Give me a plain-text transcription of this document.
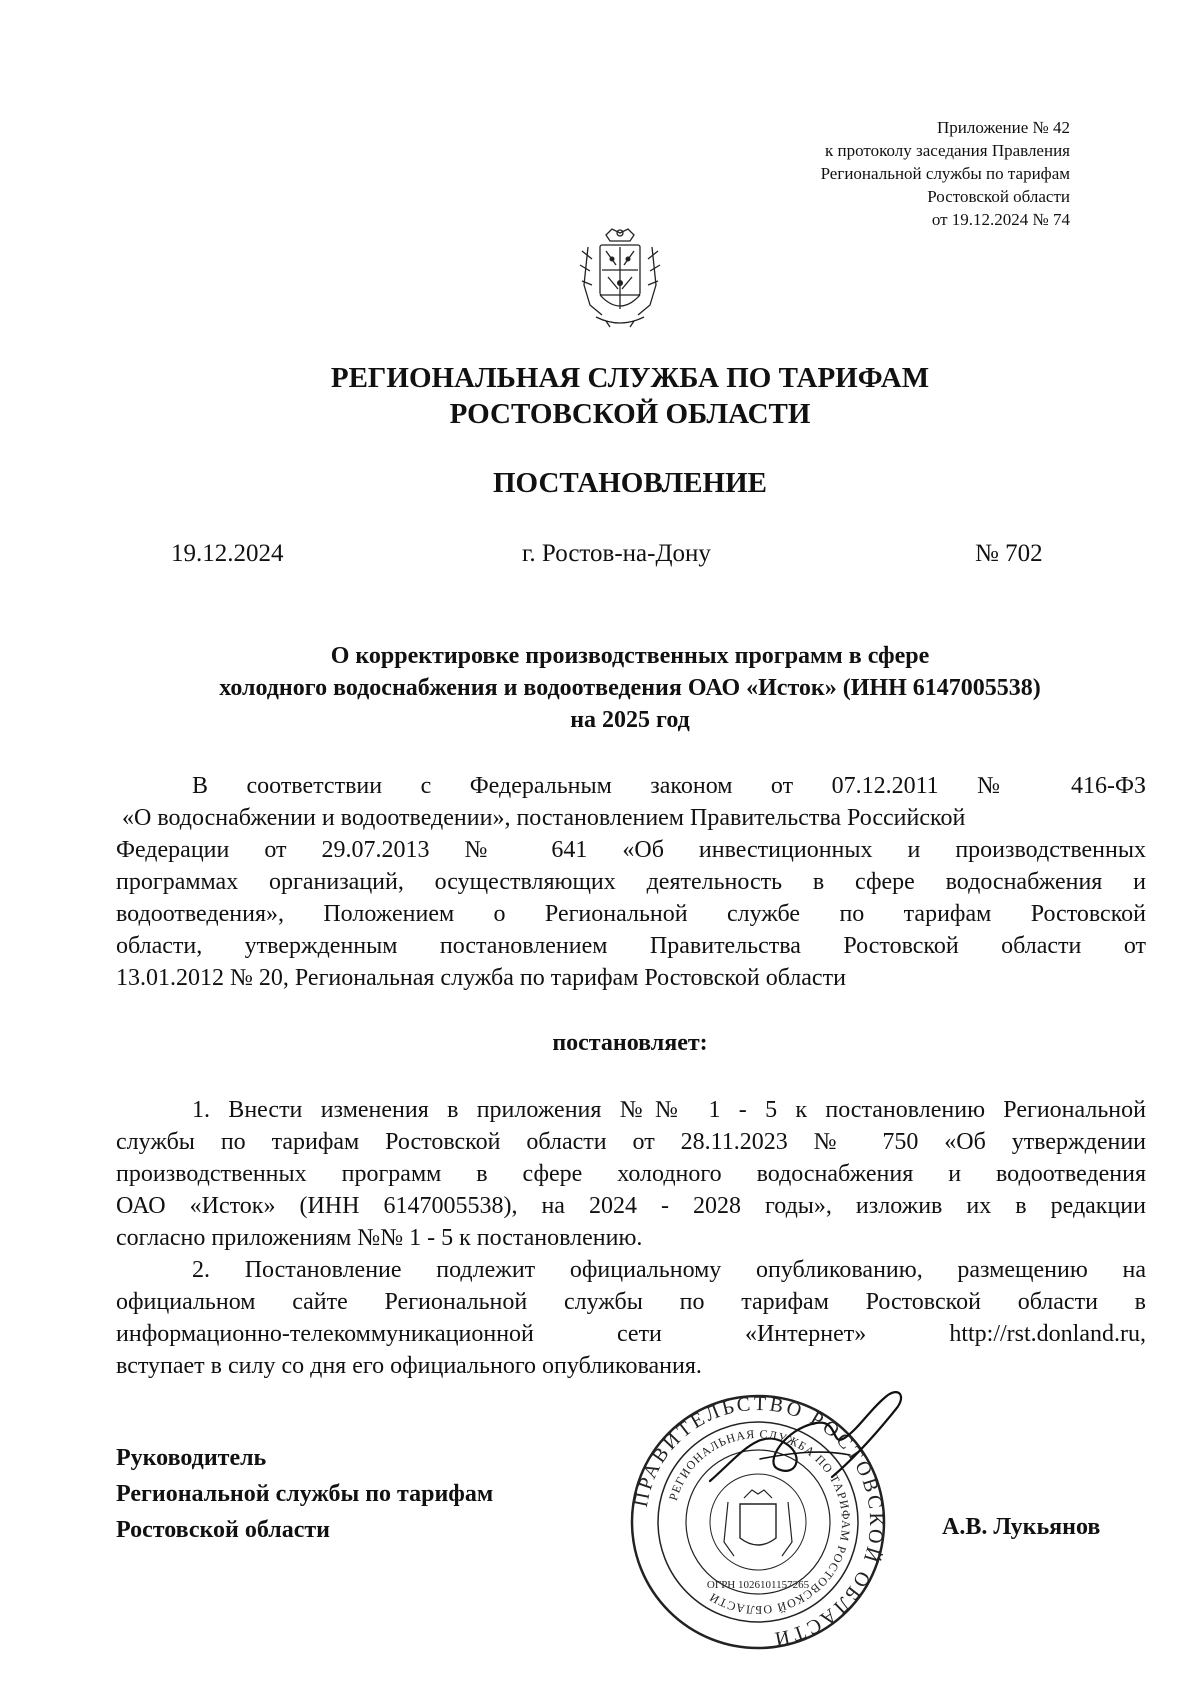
Приложение № 42
к протоколу заседания Правления
Региональной службы по тарифам
Ростовской области
от 19.12.2024 № 74
РЕГИОНАЛЬНАЯ СЛУЖБА ПО ТАРИФАМ
РОСТОВСКОЙ ОБЛАСТИ
ПОСТАНОВЛЕНИЕ
19.12.2024	г. Ростов-на-Дону	№ 702
О корректировке производственных программ в сфере
холодного водоснабжения и водоотведения ОАО «Исток» (ИНН 6147005538)
на 2025 год
В соответствии с Федеральным законом от 07.12.2011 № 416-ФЗ
«О водоснабжении и водоотведении», постановлением Правительства Российской
Федерации от 29.07.2013 № 641 «Об инвестиционных и производственных
программах организаций, осуществляющих деятельность в сфере водоснабжения и
водоотведения», Положением о Региональной службе по тарифам Ростовской
области, утвержденным постановлением Правительства Ростовской области от
13.01.2012 № 20, Региональная служба по тарифам Ростовской области
постановляет:
1. Внести изменения в приложения №№ 1 - 5 к постановлению Региональной
службы по тарифам Ростовской области от 28.11.2023 № 750 «Об утверждении
производственных программ в сфере холодного водоснабжения и водоотведения
ОАО «Исток» (ИНН 6147005538), на 2024 - 2028 годы», изложив их в редакции
согласно приложениям №№ 1 - 5 к постановлению.
2. Постановление подлежит официальному опубликованию, размещению на
официальном сайте Региональной службы по тарифам Ростовской области в
информационно-телекоммуникационной сети «Интернет» http://rst.donland.ru,
вступает в силу со дня его официального опубликования.
Руководитель
Региональной службы по тарифам
Ростовской области
ПРАВИТЕЛЬСТВО РОСТОВСКОЙ ОБЛАСТИ
РЕГИОНАЛЬНАЯ СЛУЖБА ПО ТАРИФАМ РОСТОВСКОЙ ОБЛАСТИ
ОГРН 1026101157265
А.В. Лукьянов
